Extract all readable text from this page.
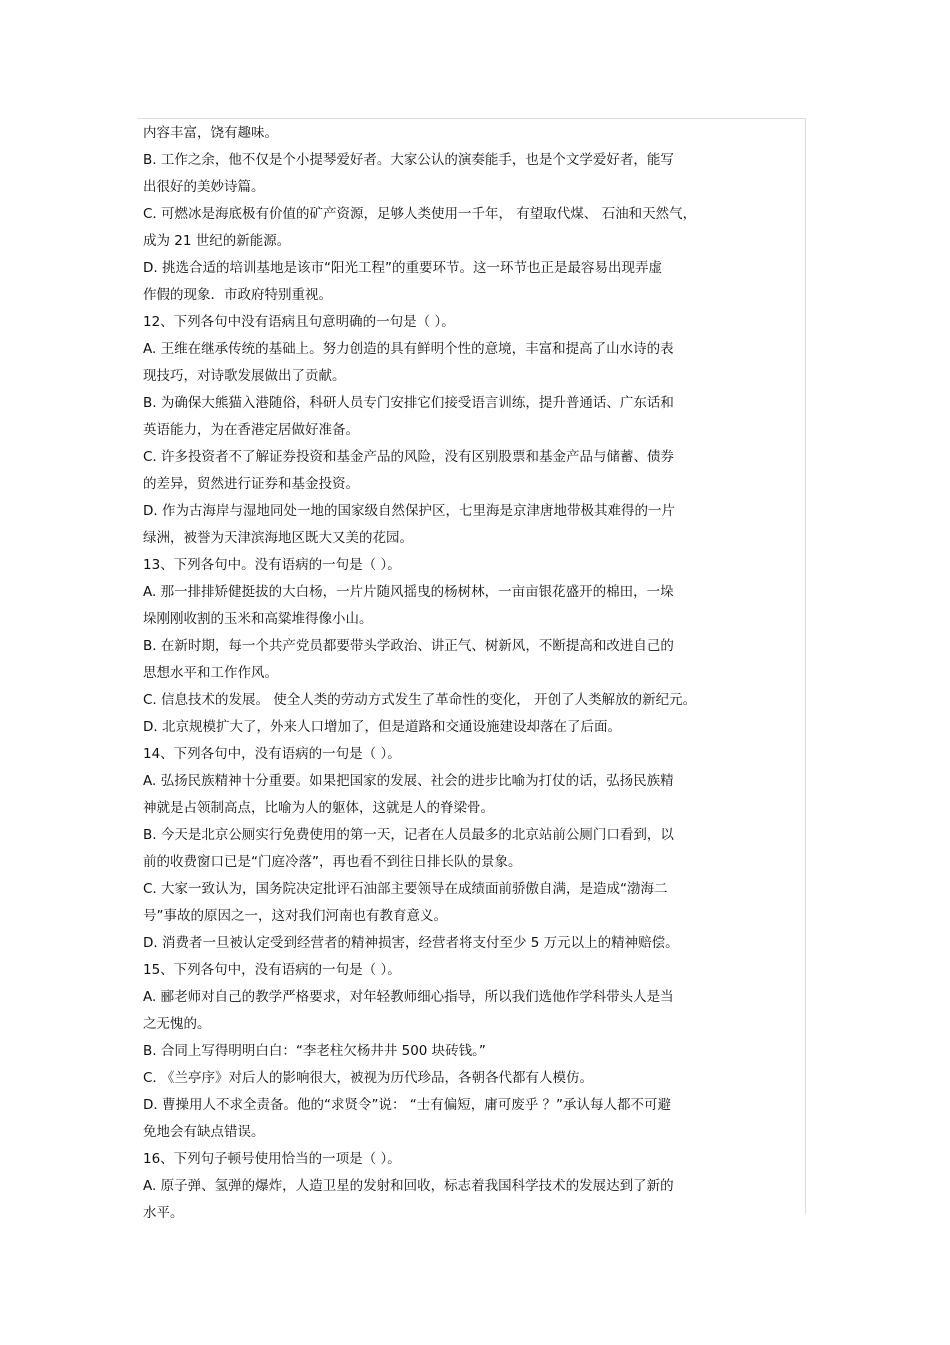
内容丰富，饶有趣味。
B. 工作之余，他不仅是个小提琴爱好者。大家公认的演奏能手，也是个文学爱好者，能写
出很好的美妙诗篇。
C. 可燃冰是海底极有价值的矿产资源，足够人类使用一千年， 有望取代煤、 石油和天然气，
成为 21 世纪的新能源。
D. 挑选合适的培训基地是该市“阳光工程”的重要环节。这一环节也正是最容易出现弄虚
作假的现象．市政府特别重视。
12、下列各句中没有语病且句意明确的一句是（ ）。
A. 王维在继承传统的基础上。努力创造的具有鲜明个性的意境，丰富和提高了山水诗的表
现技巧，对诗歌发展做出了贡献。
B. 为确保大熊猫入港随俗，科研人员专门安排它们接受语言训练，提升普通话、广东话和
英语能力，为在香港定居做好准备。
C. 许多投资者不了解证券投资和基金产品的风险，没有区别股票和基金产品与储蓄、债券
的差异，贸然进行证券和基金投资。
D. 作为古海岸与湿地同处一地的国家级自然保护区，七里海是京津唐地带极其难得的一片
绿洲，被誉为天津滨海地区既大又美的花园。
13、下列各句中。没有语病的一句是（ ）。
A. 那一排排矫健挺拔的大白杨，一片片随风摇曳的杨树林，一亩亩银花盛开的棉田，一垛
垛刚刚收割的玉米和高粱堆得像小山。
B. 在新时期，每一个共产党员都要带头学政治、讲正气、树新风，不断提高和改进自己的
思想水平和工作作风。
C. 信息技术的发展。 使全人类的劳动方式发生了革命性的变化， 开创了人类解放的新纪元。
D. 北京规模扩大了，外来人口增加了，但是道路和交通设施建设却落在了后面。
14、下列各句中，没有语病的一句是（ ）。
A. 弘扬民族精神十分重要。如果把国家的发展、社会的进步比喻为打仗的话，弘扬民族精
神就是占领制高点，比喻为人的躯体，这就是人的脊梁骨。
B. 今天是北京公厕实行免费使用的第一天，记者在人员最多的北京站前公厕门口看到，以
前的收费窗口已是“门庭冷落”，再也看不到往日排长队的景象。
C. 大家一致认为，国务院决定批评石油部主要领导在成绩面前骄傲自满，是造成“渤海二
号”事故的原因之一，这对我们河南也有教育意义。
D. 消费者一旦被认定受到经营者的精神损害，经营者将支付至少 5 万元以上的精神赔偿。
15、下列各句中，没有语病的一句是（ ）。
A. 郦老师对自己的教学严格要求，对年轻教师细心指导，所以我们选他作学科带头人是当
之无愧的。
B. 合同上写得明明白白：“李老柱欠杨井井 500 块砖钱。”
C. 《兰亭序》对后人的影响很大，被视为历代珍品，各朝各代都有人模仿。
D. 曹操用人不求全责备。他的“求贤令”说： “士有偏短，庸可废乎 ？”承认每人都不可避
免地会有缺点错误。
16、下列句子顿号使用恰当的一项是（ ）。
A. 原子弹、氢弹的爆炸，人造卫星的发射和回收，标志着我国科学技术的发展达到了新的
水平。
